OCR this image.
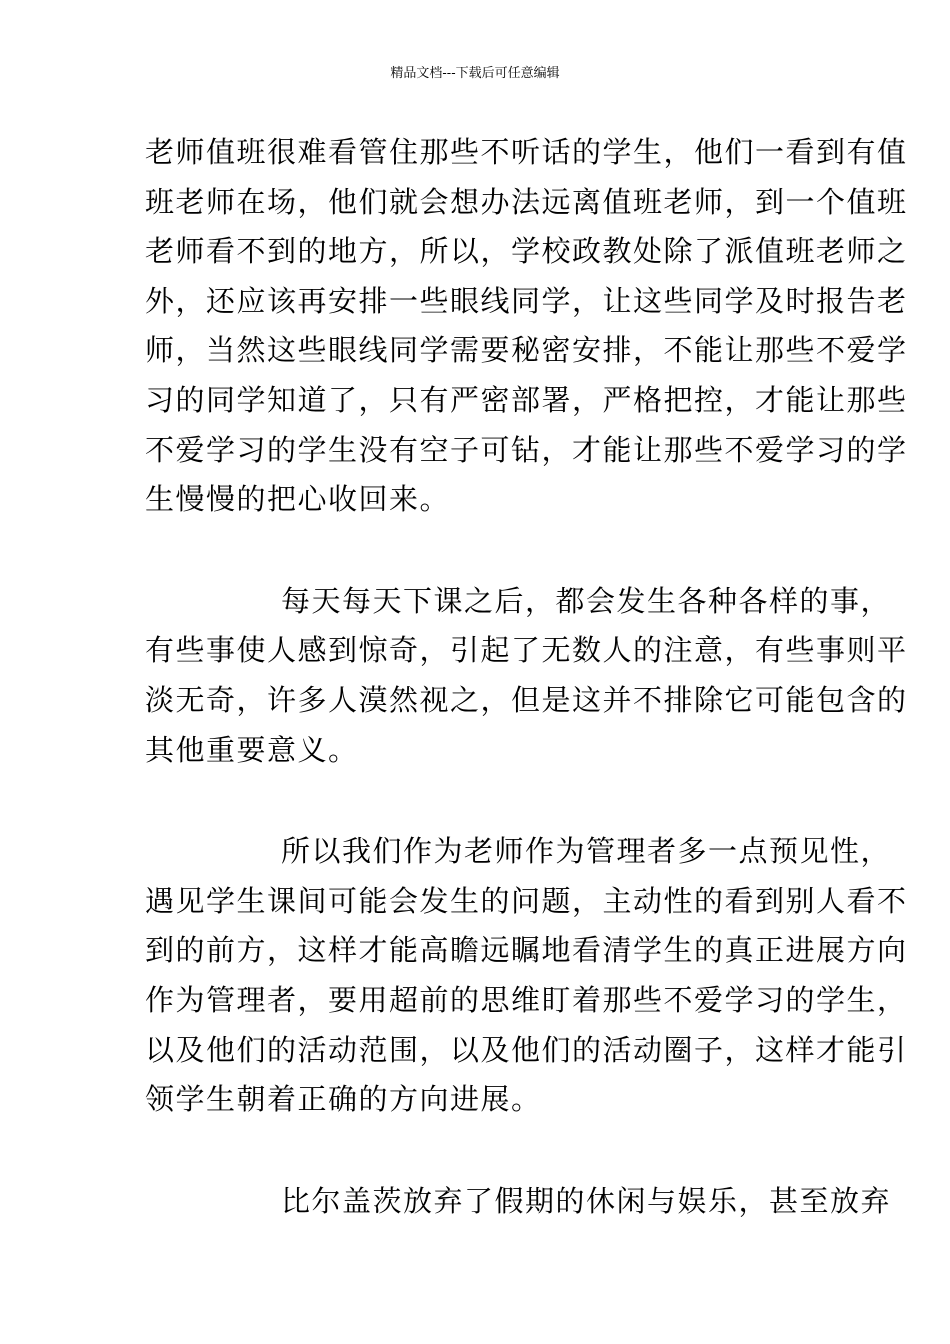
精品文档---下载后可任意编辑

老师值班很难看管住那些不听话的学生，他们一看到有值
班老师在场，他们就会想办法远离值班老师，到一个值班
老师看不到的地方，所以，学校政教处除了派值班老师之
外，还应该再安排一些眼线同学，让这些同学及时报告老
师，当然这些眼线同学需要秘密安排，不能让那些不爱学
习的同学知道了，只有严密部署，严格把控，才能让那些
不爱学习的学生没有空子可钻，才能让那些不爱学习的学
生慢慢的把心收回来。

每天每天下课之后，都会发生各种各样的事，
有些事使人感到惊奇，引起了无数人的注意，有些事则平
淡无奇，许多人漠然视之，但是这并不排除它可能包含的
其他重要意义。

所以我们作为老师作为管理者多一点预见性，
遇见学生课间可能会发生的问题，主动性的看到别人看不
到的前方，这样才能高瞻远瞩地看清学生的真正进展方向
作为管理者，要用超前的思维盯着那些不爱学习的学生，
以及他们的活动范围，以及他们的活动圈子，这样才能引
领学生朝着正确的方向进展。

比尔盖茨放弃了假期的休闲与娱乐，甚至放弃
